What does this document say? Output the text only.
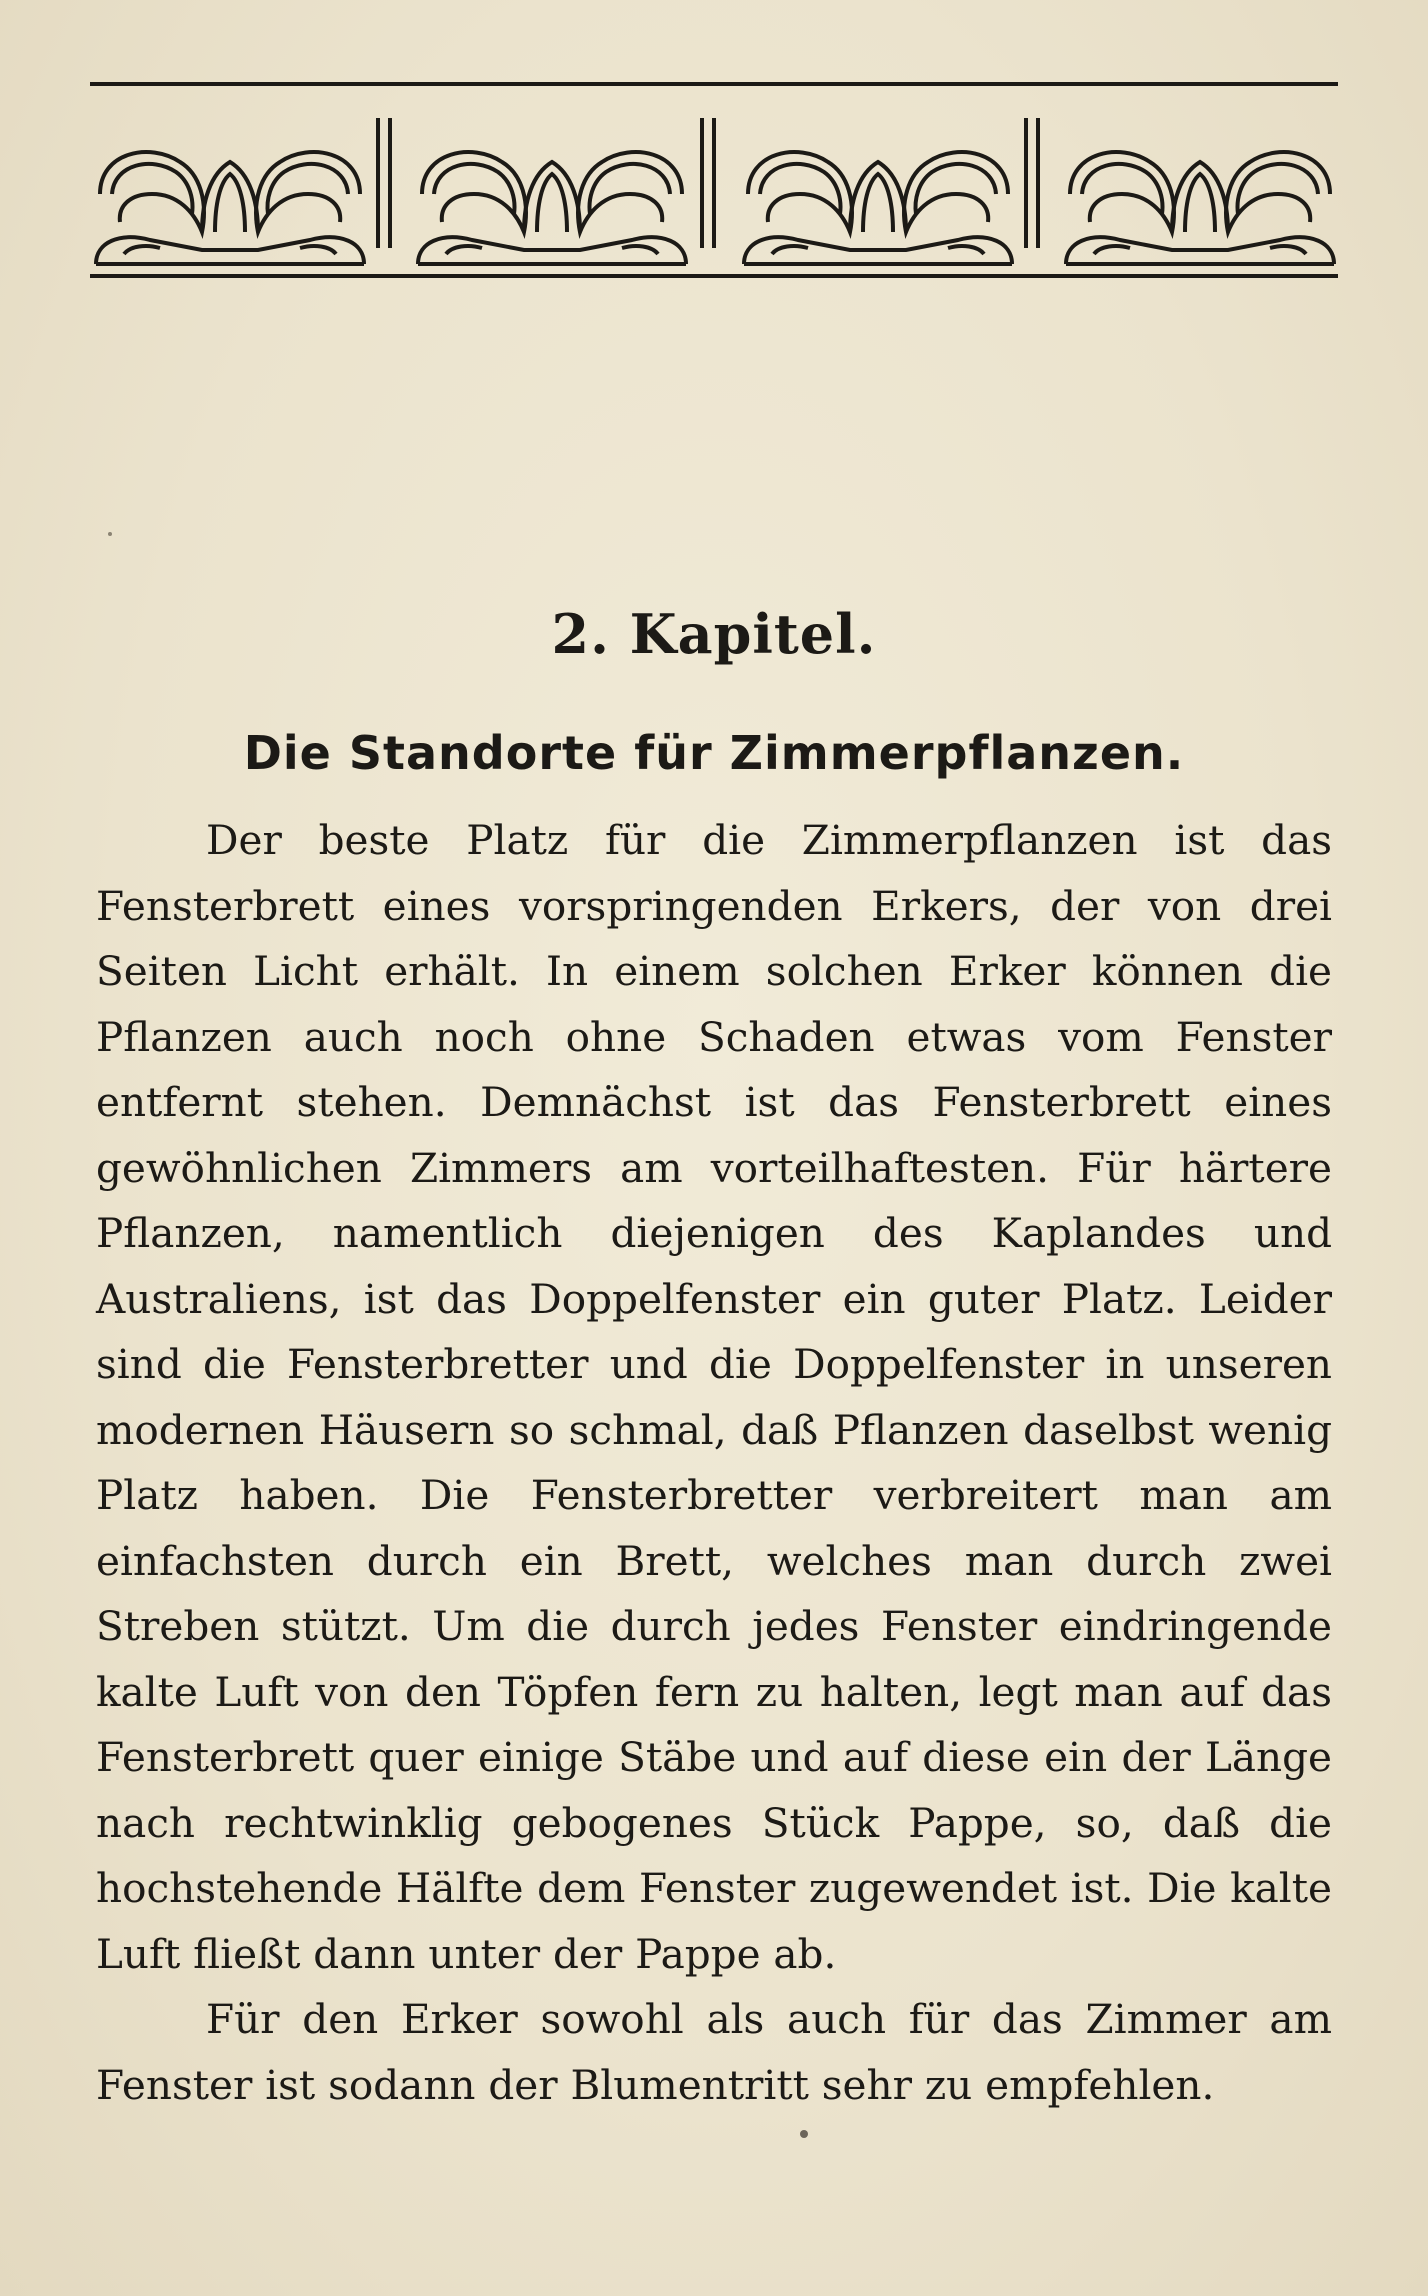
2. Kapitel.
Die Standorte für Zimmerpflanzen.

Der beste Platz für die Zimmerpflanzen ist das Fensterbrett eines vorspringenden Erkers, der von drei Seiten Licht erhält. In einem solchen Erker können die Pflanzen auch noch ohne Schaden etwas vom Fenster entfernt stehen. Demnächst ist das Fensterbrett eines gewöhnlichen Zimmers am vorteilhaftesten. Für härtere Pflanzen, namentlich diejenigen des Kaplandes und Australiens, ist das Doppelfenster ein guter Platz. Leider sind die Fensterbretter und die Doppelfenster in unseren modernen Häusern so schmal, daß Pflanzen daselbst wenig Platz haben. Die Fensterbretter verbreitert man am einfachsten durch ein Brett, welches man durch zwei Streben stützt. Um die durch jedes Fenster eindringende kalte Luft von den Töpfen fern zu halten, legt man auf das Fensterbrett quer einige Stäbe und auf diese ein der Länge nach rechtwinklig gebogenes Stück Pappe, so, daß die hochstehende Hälfte dem Fenster zugewendet ist. Die kalte Luft fließt dann unter der Pappe ab.

Für den Erker sowohl als auch für das Zimmer am Fenster ist sodann der Blumentritt sehr zu empfehlen.
